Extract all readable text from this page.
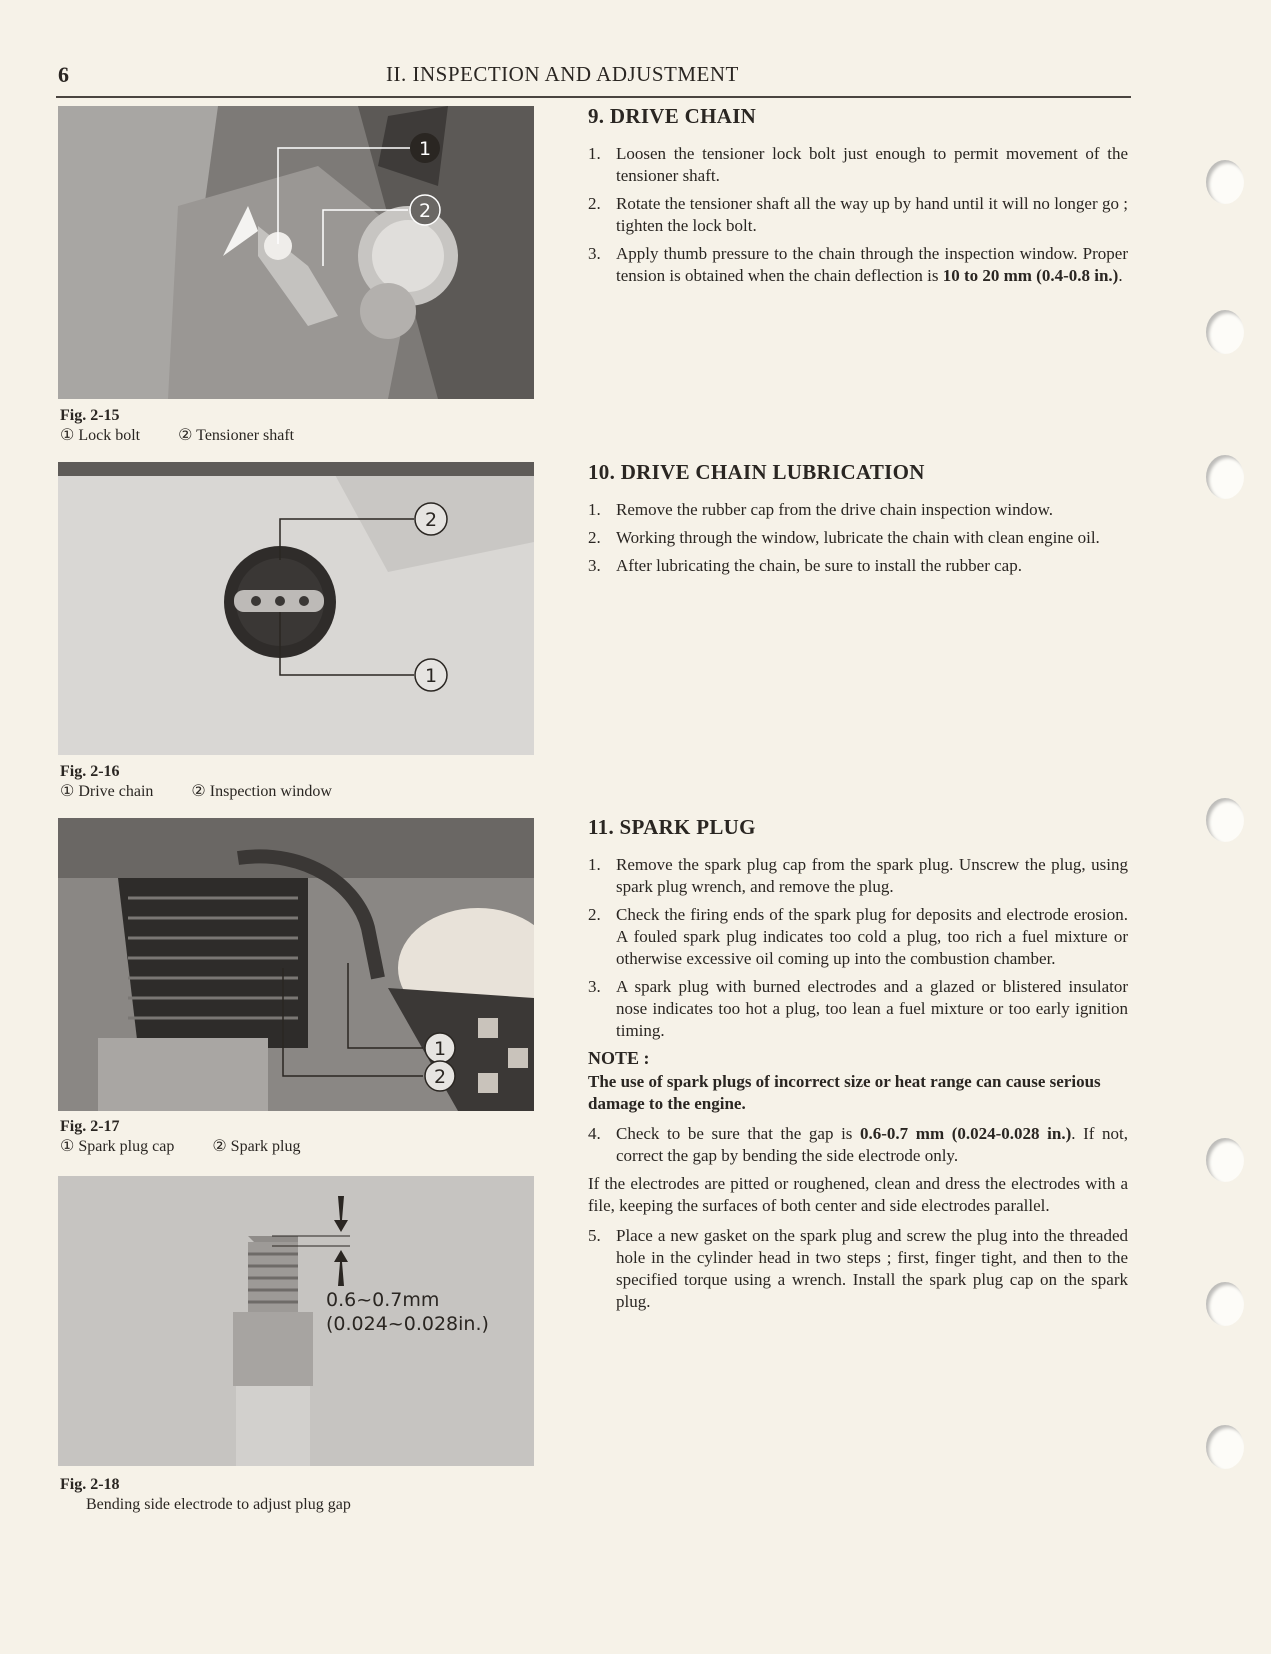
6	II. INSPECTION AND ADJUSTMENT
1
2
Fig. 2-15
① Lock bolt ② Tensioner shaft
2
1
Fig. 2-16
① Drive chain ② Inspection window
1
2
Fig. 2-17
① Spark plug cap ② Spark plug
0.6~0.7mm
(0.024~0.028in.)
Fig. 2-18
Bending side electrode to adjust plug gap
9. DRIVE CHAIN
1. Loosen the tensioner lock bolt just enough to permit movement of the tensioner shaft.
2. Rotate the tensioner shaft all the way up by hand until it will no longer go ; tighten the lock bolt.
3. Apply thumb pressure to the chain through the inspection window. Proper tension is obtained when the chain deflection is 10 to 20 mm (0.4-0.8 in.).
10. DRIVE CHAIN LUBRICATION
1. Remove the rubber cap from the drive chain inspection window.
2. Working through the window, lubricate the chain with clean engine oil.
3. After lubricating the chain, be sure to install the rubber cap.
11. SPARK PLUG
1. Remove the spark plug cap from the spark plug. Unscrew the plug, using spark plug wrench, and remove the plug.
2. Check the firing ends of the spark plug for deposits and electrode erosion. A fouled spark plug indicates too cold a plug, too rich a fuel mixture or otherwise excessive oil coming up into the combustion chamber.
3. A spark plug with burned electrodes and a glazed or blistered insulator nose indicates too hot a plug, too lean a fuel mixture or too early ignition timing.
NOTE :
The use of spark plugs of incorrect size or heat range can cause serious damage to the engine.
4. Check to be sure that the gap is 0.6-0.7 mm (0.024-0.028 in.). If not, correct the gap by bending the side electrode only.
If the electrodes are pitted or roughened, clean and dress the electrodes with a file, keeping the surfaces of both center and side electrodes parallel.
5. Place a new gasket on the spark plug and screw the plug into the threaded hole in the cylinder head in two steps ; first, finger tight, and then to the specified torque using a wrench. Install the spark plug cap on the spark plug.
